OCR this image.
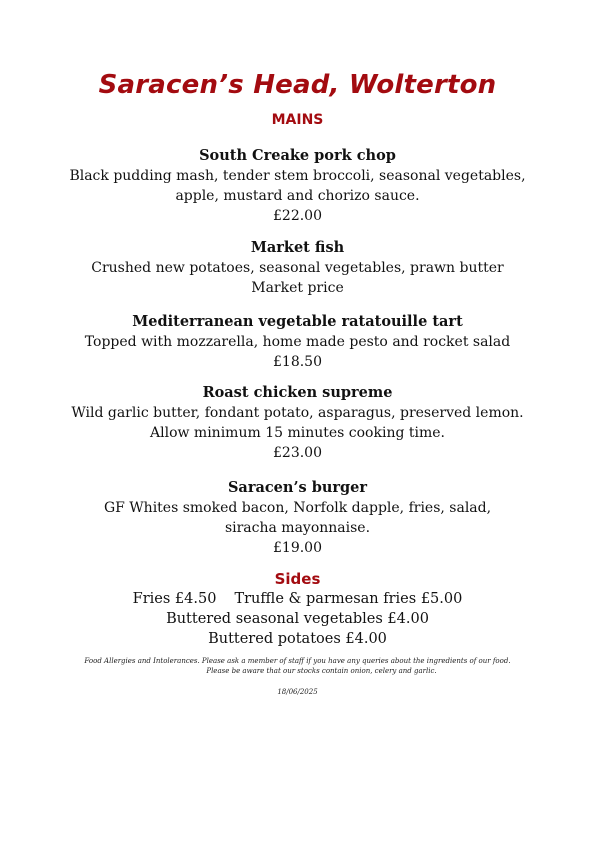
Saracen’s Head, Wolterton
MAINS
South Creake pork chop
Black pudding mash, tender stem broccoli, seasonal vegetables,
apple, mustard and chorizo sauce.
£22.00
Market fish
Crushed new potatoes, seasonal vegetables, prawn butter
Market price
Mediterranean vegetable ratatouille tart
Topped with mozzarella, home made pesto and rocket salad
£18.50
Roast chicken supreme
Wild garlic butter, fondant potato, asparagus, preserved lemon.
Allow minimum 15 minutes cooking time.
£23.00
Saracen’s burger
GF Whites smoked bacon, Norfolk dapple, fries, salad,
siracha mayonnaise.
£19.00
Sides
Fries £4.50 Truffle & parmesan fries £5.00
Buttered seasonal vegetables £4.00
Buttered potatoes £4.00
Food Allergies and Intolerances. Please ask a member of staff if you have any queries about the ingredients of our food.
Please be aware that our stocks contain onion, celery and garlic.
18/06/2025
